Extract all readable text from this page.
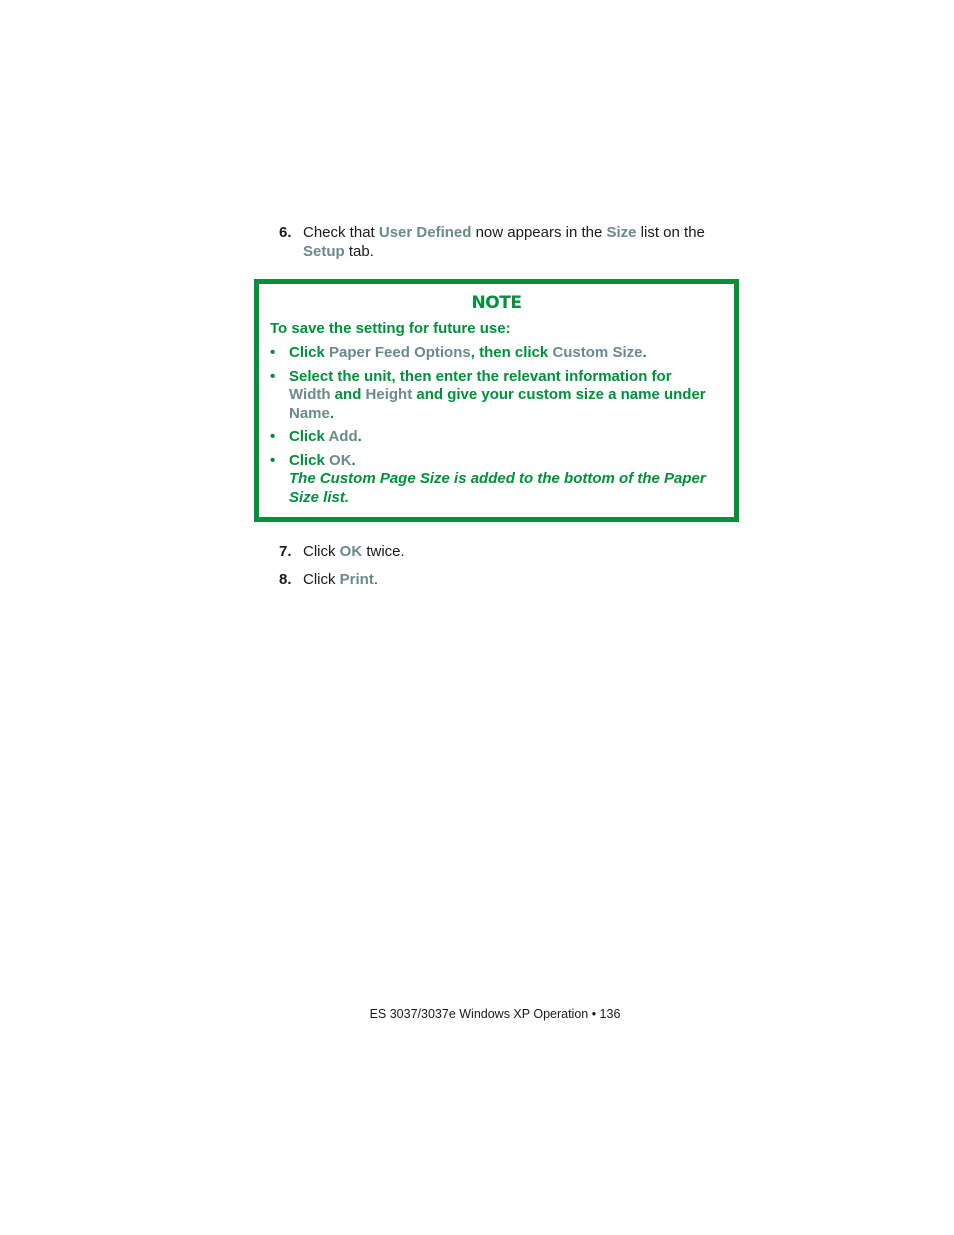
6. Check that User Defined now appears in the Size list on the Setup tab.
NOTE
To save the setting for future use:
• Click Paper Feed Options, then click Custom Size.
• Select the unit, then enter the relevant information for Width and Height and give your custom size a name under Name.
• Click Add.
• Click OK.
The Custom Page Size is added to the bottom of the Paper Size list.
7. Click OK twice.
8. Click Print.
ES 3037/3037e Windows XP Operation • 136
